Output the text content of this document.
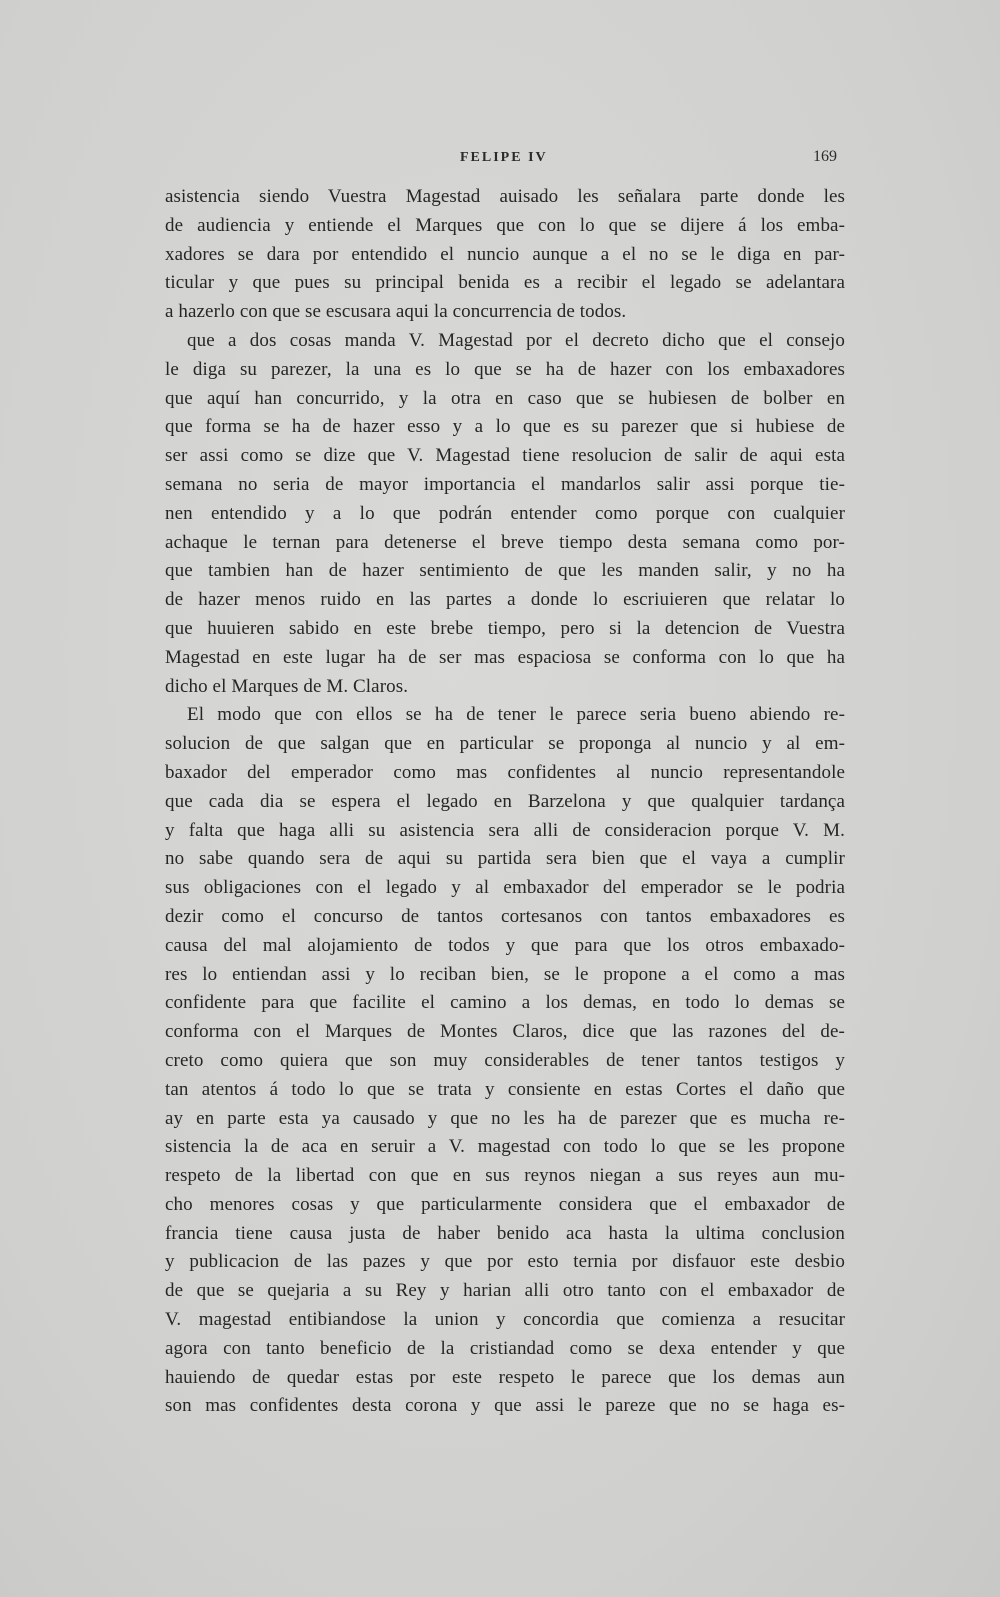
FELIPE IV	169
asistencia siendo Vuestra Magestad auisado les señalara parte donde les
de audiencia y entiende el Marques que con lo que se dijere á los emba-
xadores se dara por entendido el nuncio aunque a el no se le diga en par-
ticular y que pues su principal benida es a recibir el legado se adelantara
a hazerlo con que se escusara aqui la concurrencia de todos.
que a dos cosas manda V. Magestad por el decreto dicho que el consejo
le diga su parezer, la una es lo que se ha de hazer con los embaxadores
que aquí han concurrido, y la otra en caso que se hubiesen de bolber en
que forma se ha de hazer esso y a lo que es su parezer que si hubiese de
ser assi como se dize que V. Magestad tiene resolucion de salir de aqui esta
semana no seria de mayor importancia el mandarlos salir assi porque tie-
nen entendido y a lo que podrán entender como porque con cualquier
achaque le ternan para detenerse el breve tiempo desta semana como por-
que tambien han de hazer sentimiento de que les manden salir, y no ha
de hazer menos ruido en las partes a donde lo escriuieren que relatar lo
que huuieren sabido en este brebe tiempo, pero si la detencion de Vuestra
Magestad en este lugar ha de ser mas espaciosa se conforma con lo que ha
dicho el Marques de M. Claros.
El modo que con ellos se ha de tener le parece seria bueno abiendo re-
solucion de que salgan que en particular se proponga al nuncio y al em-
baxador del emperador como mas confidentes al nuncio representandole
que cada dia se espera el legado en Barzelona y que qualquier tardança
y falta que haga alli su asistencia sera alli de consideracion porque V. M.
no sabe quando sera de aqui su partida sera bien que el vaya a cumplir
sus obligaciones con el legado y al embaxador del emperador se le podria
dezir como el concurso de tantos cortesanos con tantos embaxadores es
causa del mal alojamiento de todos y que para que los otros embaxado-
res lo entiendan assi y lo reciban bien, se le propone a el como a mas
confidente para que facilite el camino a los demas, en todo lo demas se
conforma con el Marques de Montes Claros, dice que las razones del de-
creto como quiera que son muy considerables de tener tantos testigos y
tan atentos á todo lo que se trata y consiente en estas Cortes el daño que
ay en parte esta ya causado y que no les ha de parezer que es mucha re-
sistencia la de aca en seruir a V. magestad con todo lo que se les propone
respeto de la libertad con que en sus reynos niegan a sus reyes aun mu-
cho menores cosas y que particularmente considera que el embaxador de
francia tiene causa justa de haber benido aca hasta la ultima conclusion
y publicacion de las pazes y que por esto ternia por disfauor este desbio
de que se quejaria a su Rey y harian alli otro tanto con el embaxador de
V. magestad entibiandose la union y concordia que comienza a resucitar
agora con tanto beneficio de la cristiandad como se dexa entender y que
hauiendo de quedar estas por este respeto le parece que los demas aun
son mas confidentes desta corona y que assi le pareze que no se haga es-
